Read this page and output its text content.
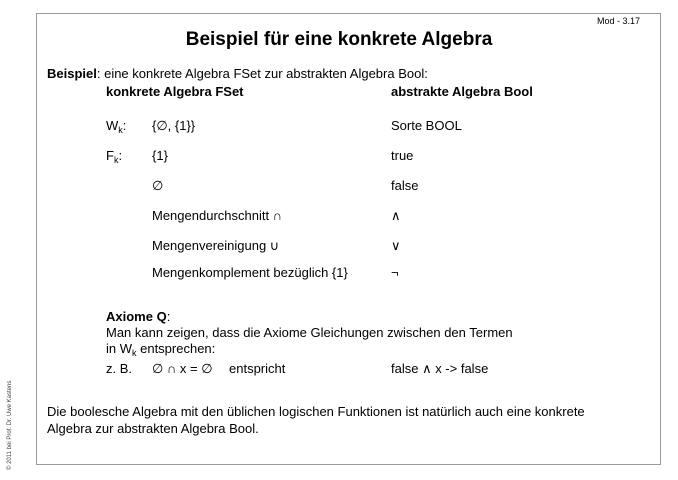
Mod - 3.17
Beispiel für eine konkrete Algebra
© 2011 bei Prof. Dr. Uwe Kastens
Beispiel: eine konkrete Algebra FSet zur abstrakten Algebra Bool:
konkrete Algebra FSet	abstrakte Algebra Bool
$W_k$: {∅, {1}}	Sorte BOOL
$F_k$: {1}	true
∅	false
Mengendurchschnitt ∩	∧
Mengenvereinigung ∪	∨
Mengenkomplement bezüglich {1}	¬
Axiome Q:
Man kann zeigen, dass die Axiome Gleichungen zwischen den Termen
in $W_k$ entsprechen:
z. B. ∅ ∩ x = ∅ entspricht	false ∧ x -> false
Die boolesche Algebra mit den üblichen logischen Funktionen ist natürlich auch eine konkrete
Algebra zur abstrakten Algebra Bool.
